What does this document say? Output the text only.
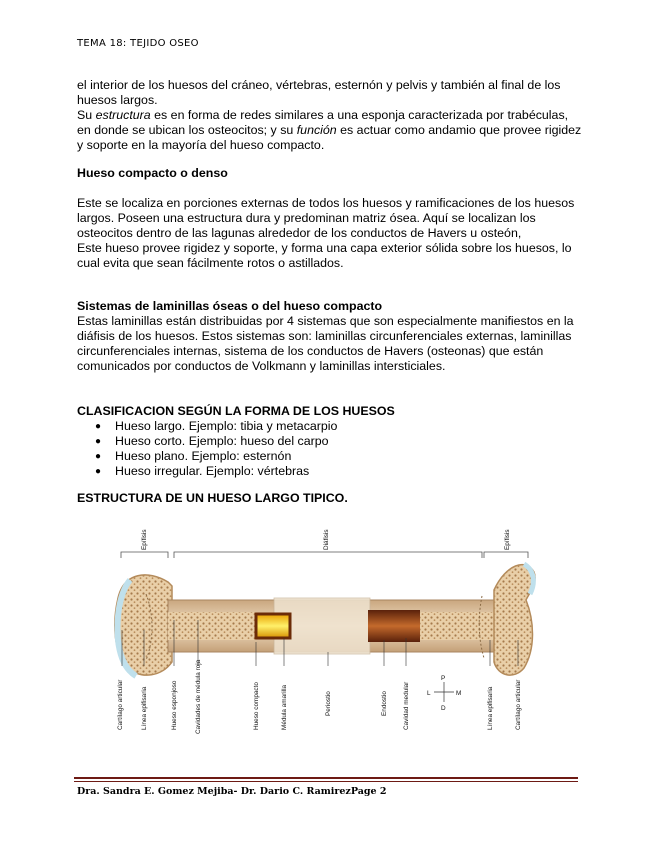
TEMA 18: TEJIDO OSEO

el interior de los huesos del cráneo, vértebras, esternón y pelvis y también al final de los huesos largos.

Su estructura es en forma de redes similares a una esponja caracterizada por trabéculas, en donde se ubican los osteocitos; y su función es actuar como andamio que provee rigidez y soporte en la mayoría del hueso compacto.

Hueso compacto o denso

Este se localiza en porciones externas de todos los huesos y ramificaciones de los huesos largos. Poseen una estructura dura y predominan matriz ósea. Aquí se localizan los osteocitos dentro de las lagunas alrededor de los conductos de Havers u osteón,

Este hueso provee rigidez y soporte, y forma una capa exterior sólida sobre los huesos, lo cual evita que sean fácilmente rotos o astillados.

Sistemas de laminillas óseas o del hueso compacto

Estas laminillas están distribuidas por 4 sistemas que son especialmente manifiestos en la diáfisis de los huesos. Estos sistemas son: laminillas circunferenciales externas, laminillas circunferenciales internas, sistema de los conductos de Havers (osteonas) que están comunicados por conductos de Volkmann y laminillas intersticiales.

CLASIFICACION SEGÚN LA FORMA DE LOS HUESOS

● Hueso largo. Ejemplo: tibia y metacarpio
● Hueso corto. Ejemplo: hueso del carpo
● Hueso plano. Ejemplo: esternón
● Hueso irregular. Ejemplo: vértebras

ESTRUCTURA DE UN HUESO LARGO TIPICO.

Epífisis	Diáfisis	Epífisis
P
D
L	M
Cartílago articular	Línea epifisaria	Hueso esponjoso	Cavidades de médula roja	Hueso compacto	Médula amarilla	Periostio	Endostio Cavidad medular	Línea epifisaria	Cartílago articular
Dra. Sandra E. Gomez Mejiba- Dr. Dario C. RamirezPage 2
